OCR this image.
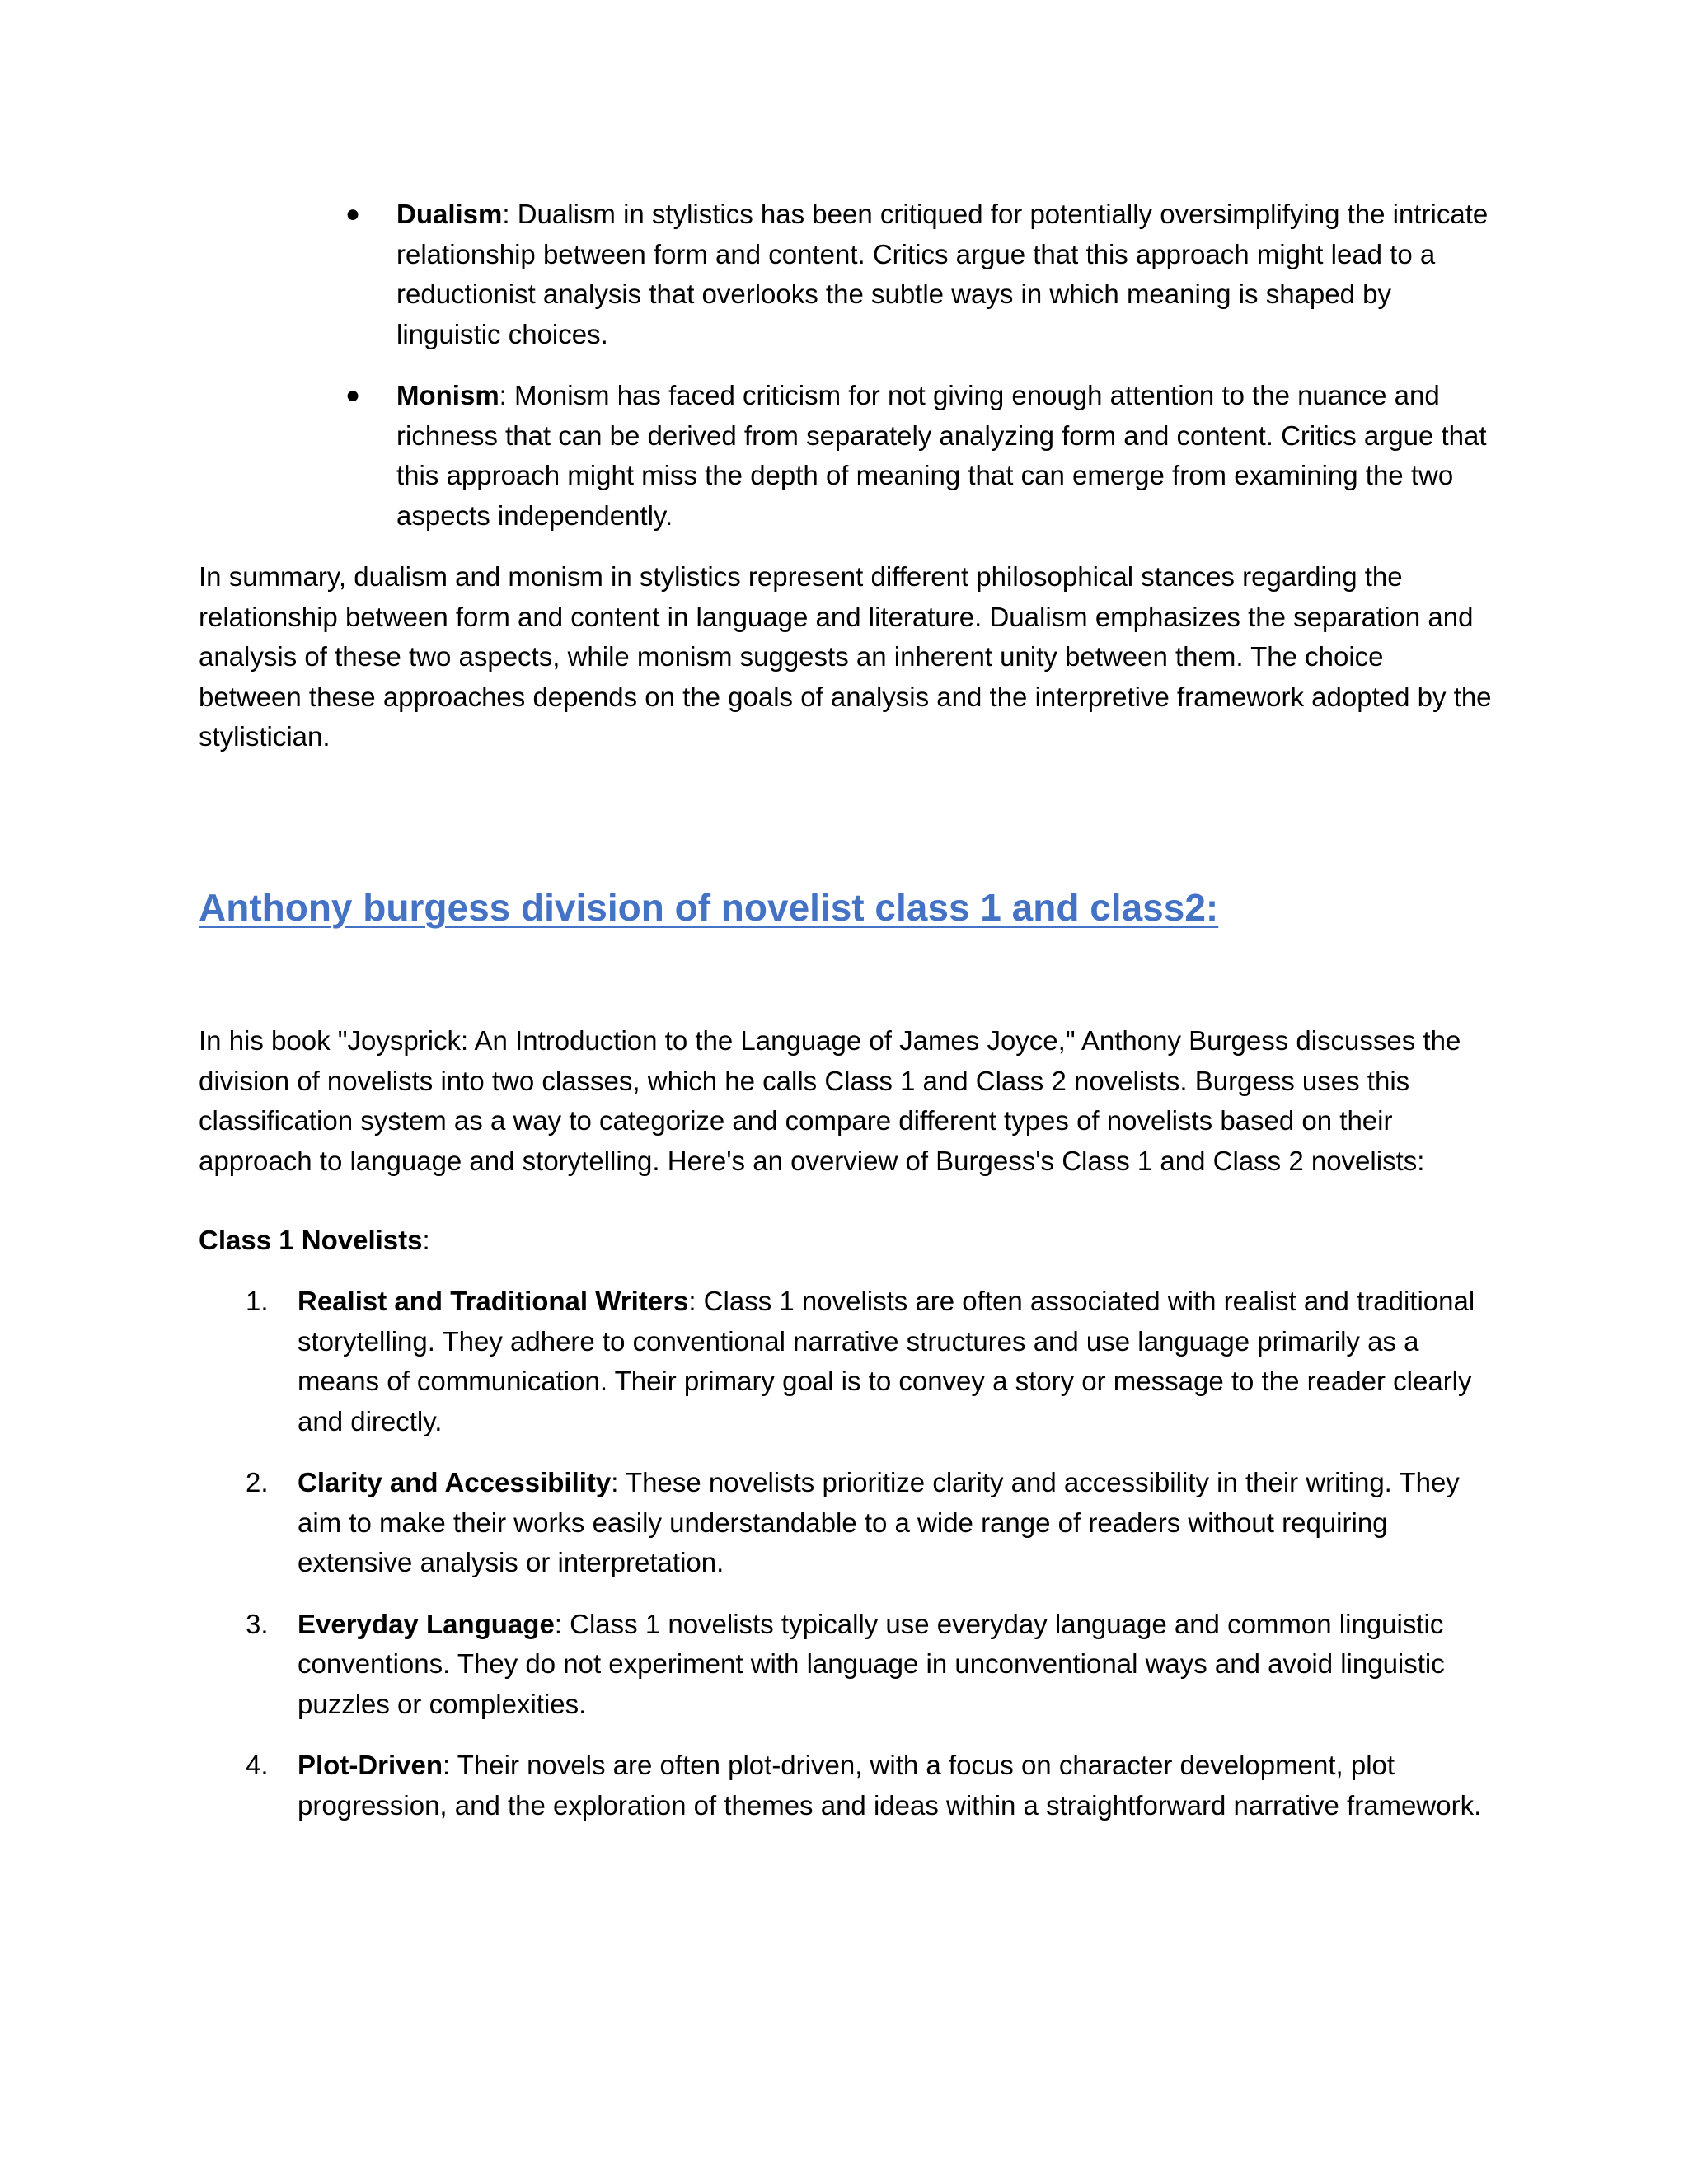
● Dualism: Dualism in stylistics has been critiqued for potentially oversimplifying the intricate relationship between form and content. Critics argue that this approach might lead to a reductionist analysis that overlooks the subtle ways in which meaning is shaped by linguistic choices.
● Monism: Monism has faced criticism for not giving enough attention to the nuance and richness that can be derived from separately analyzing form and content. Critics argue that this approach might miss the depth of meaning that can emerge from examining the two aspects independently.

In summary, dualism and monism in stylistics represent different philosophical stances regarding the relationship between form and content in language and literature. Dualism emphasizes the separation and analysis of these two aspects, while monism suggests an inherent unity between them. The choice between these approaches depends on the goals of analysis and the interpretive framework adopted by the stylistician.

Anthony burgess division of novelist class 1 and class2:

In his book "Joysprick: An Introduction to the Language of James Joyce," Anthony Burgess discusses the division of novelists into two classes, which he calls Class 1 and Class 2 novelists. Burgess uses this classification system as a way to categorize and compare different types of novelists based on their approach to language and storytelling. Here's an overview of Burgess's Class 1 and Class 2 novelists:

Class 1 Novelists:

1. Realist and Traditional Writers: Class 1 novelists are often associated with realist and traditional storytelling. They adhere to conventional narrative structures and use language primarily as a means of communication. Their primary goal is to convey a story or message to the reader clearly and directly.
2. Clarity and Accessibility: These novelists prioritize clarity and accessibility in their writing. They aim to make their works easily understandable to a wide range of readers without requiring extensive analysis or interpretation.
3. Everyday Language: Class 1 novelists typically use everyday language and common linguistic conventions. They do not experiment with language in unconventional ways and avoid linguistic puzzles or complexities.
4. Plot-Driven: Their novels are often plot-driven, with a focus on character development, plot progression, and the exploration of themes and ideas within a straightforward narrative framework.
